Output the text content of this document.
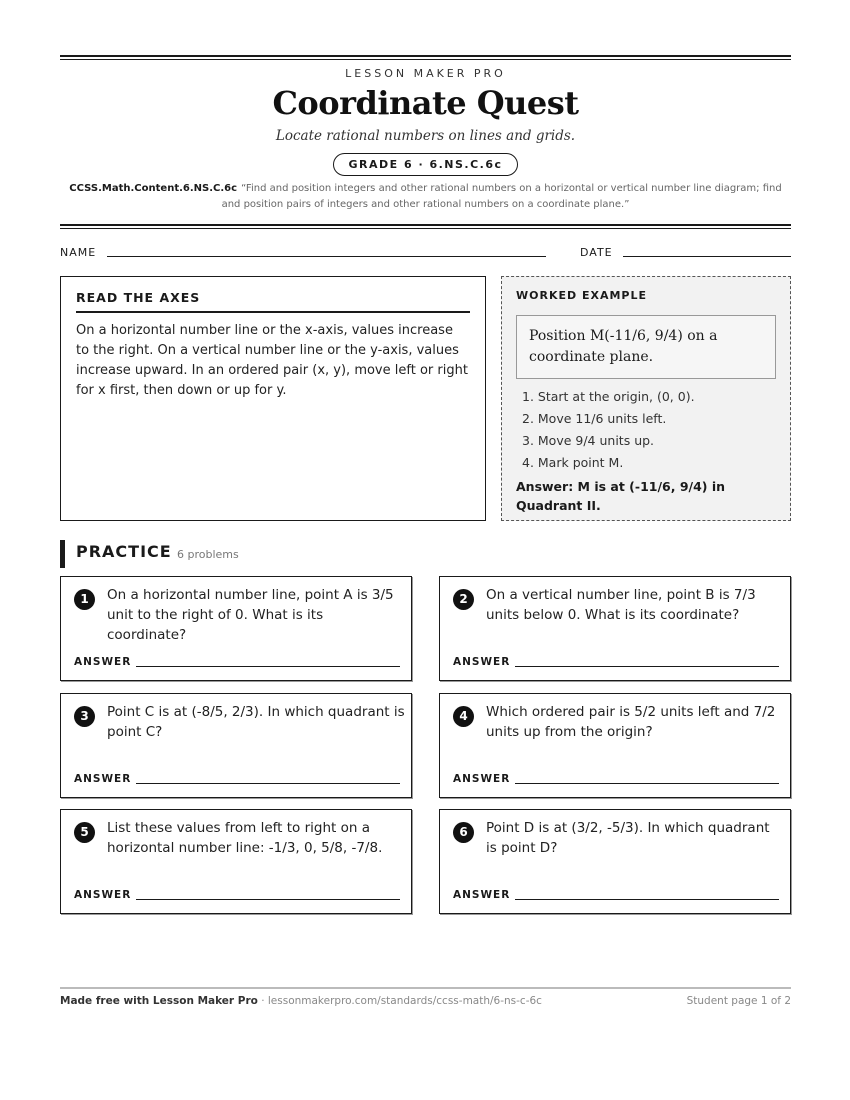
LESSON MAKER PRO
Coordinate Quest
Locate rational numbers on lines and grids.
GRADE 6 · 6.NS.C.6c
CCSS.Math.Content.6.NS.C.6c “Find and position integers and other rational numbers on a horizontal or vertical number line diagram; find and position pairs of integers and other rational numbers on a coordinate plane.”
NAME	DATE
READ THE AXES
On a horizontal number line or the x-axis, values increase to the right. On a vertical number line or the y-axis, values increase upward. In an ordered pair (x, y), move left or right for x first, then down or up for y.
WORKED EXAMPLE
Position M(-11/6, 9/4) on a coordinate plane.
1. Start at the origin, (0, 0).
2. Move 11/6 units left.
3. Move 9/4 units up.
4. Mark point M.
Answer: M is at (-11/6, 9/4) in Quadrant II.
PRACTICE 6 problems
1	On a horizontal number line, point A is 3/5 unit to the right of 0. What is its coordinate?
ANSWER
2	On a vertical number line, point B is 7/3 units below 0. What is its coordinate?
ANSWER
3	Point C is at (-8/5, 2/3). In which quadrant is point C?
ANSWER
4	Which ordered pair is 5/2 units left and 7/2 units up from the origin?
ANSWER
5	List these values from left to right on a horizontal number line: -1/3, 0, 5/8, -7/8.
ANSWER
6	Point D is at (3/2, -5/3). In which quadrant is point D?
ANSWER
Made free with Lesson Maker Pro · lessonmakerpro.com/standards/ccss-math/6-ns-c-6c	Student page 1 of 2
